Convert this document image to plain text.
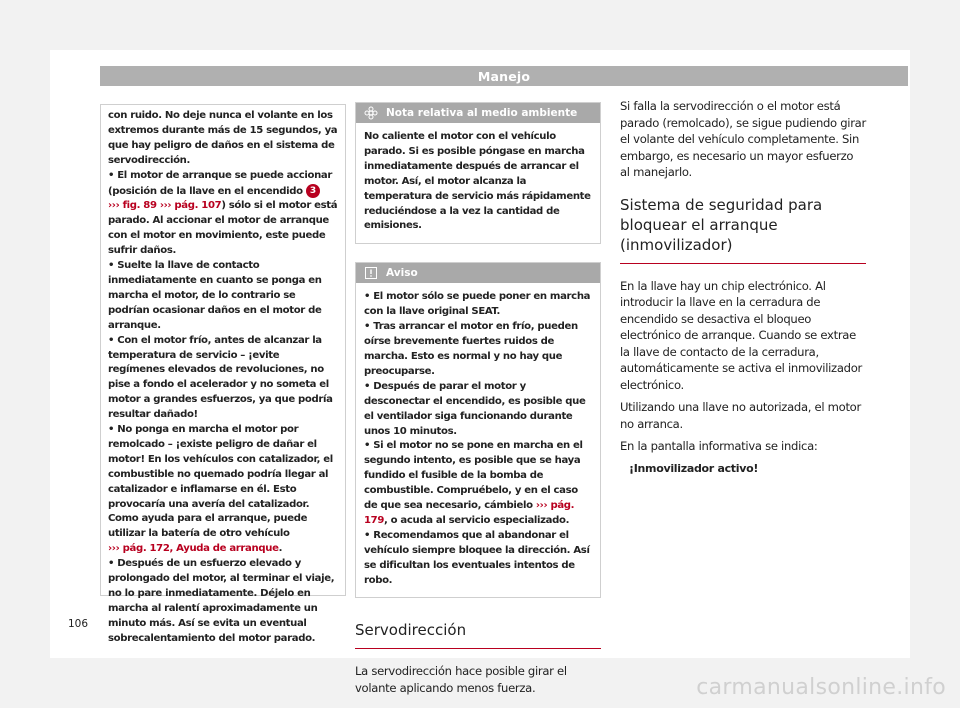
Manejo

con ruido. No deje nunca el volante en los extremos durante más de 15 segundos, ya que hay peligro de daños en el sistema de servodirección.

• El motor de arranque se puede accionar (posición de la llave en el encendido 3
››› fig. 89 ››› pág. 107) sólo si el motor está parado. Al accionar el motor de arranque con el motor en movimiento, este puede sufrir daños.

• Suelte la llave de contacto inmediatamente en cuanto se ponga en marcha el motor, de lo contrario se podrían ocasionar daños en el motor de arranque.

• Con el motor frío, antes de alcanzar la temperatura de servicio – ¡evite regímenes elevados de revoluciones, no pise a fondo el acelerador y no someta el motor a grandes esfuerzos, ya que podría resultar dañado!

• No ponga en marcha el motor por remolcado – ¡existe peligro de dañar el motor! En los vehículos con catalizador, el combustible no quemado podría llegar al catalizador e inflamarse en él. Esto provocaría una avería del catalizador. Como ayuda para el arranque, puede utilizar la batería de otro vehículo
››› pág. 172, Ayuda de arranque.

• Después de un esfuerzo elevado y prolongado del motor, al terminar el viaje, no lo pare inmediatamente. Déjelo en marcha al ralentí aproximadamente un minuto más. Así se evita un eventual sobrecalentamiento del motor parado.

Nota relativa al medio ambiente

No caliente el motor con el vehículo parado. Si es posible póngase en marcha inmediatamente después de arrancar el motor. Así, el motor alcanza la temperatura de servicio más rápidamente reduciéndose a la vez la cantidad de emisiones.

Aviso

• El motor sólo se puede poner en marcha con la llave original SEAT.

• Tras arrancar el motor en frío, pueden oírse brevemente fuertes ruidos de marcha. Esto es normal y no hay que preocuparse.

• Después de parar el motor y desconectar el encendido, es posible que el ventilador siga funcionando durante unos 10 minutos.

• Si el motor no se pone en marcha en el segundo intento, es posible que se haya fundido el fusible de la bomba de combustible. Compruébelo, y en el caso de que sea necesario, cámbielo ››› pág. 179, o acuda al servicio especializado.

• Recomendamos que al abandonar el vehículo siempre bloquee la dirección. Así se dificultan los eventuales intentos de robo.

Servodirección

La servodirección hace posible girar el volante aplicando menos fuerza.

Si falla la servodirección o el motor está parado (remolcado), se sigue pudiendo girar el volante del vehículo completamente. Sin embargo, es necesario un mayor esfuerzo al manejarlo.

Sistema de seguridad para bloquear el arranque (inmovilizador)

En la llave hay un chip electrónico. Al introducir la llave en la cerradura de encendido se desactiva el bloqueo electrónico de arranque. Cuando se extrae la llave de contacto de la cerradura, automáticamente se activa el inmovilizador electrónico.

Utilizando una llave no autorizada, el motor no arranca.

En la pantalla informativa se indica:

¡Inmovilizador activo!

106
carmanualsonline.info
